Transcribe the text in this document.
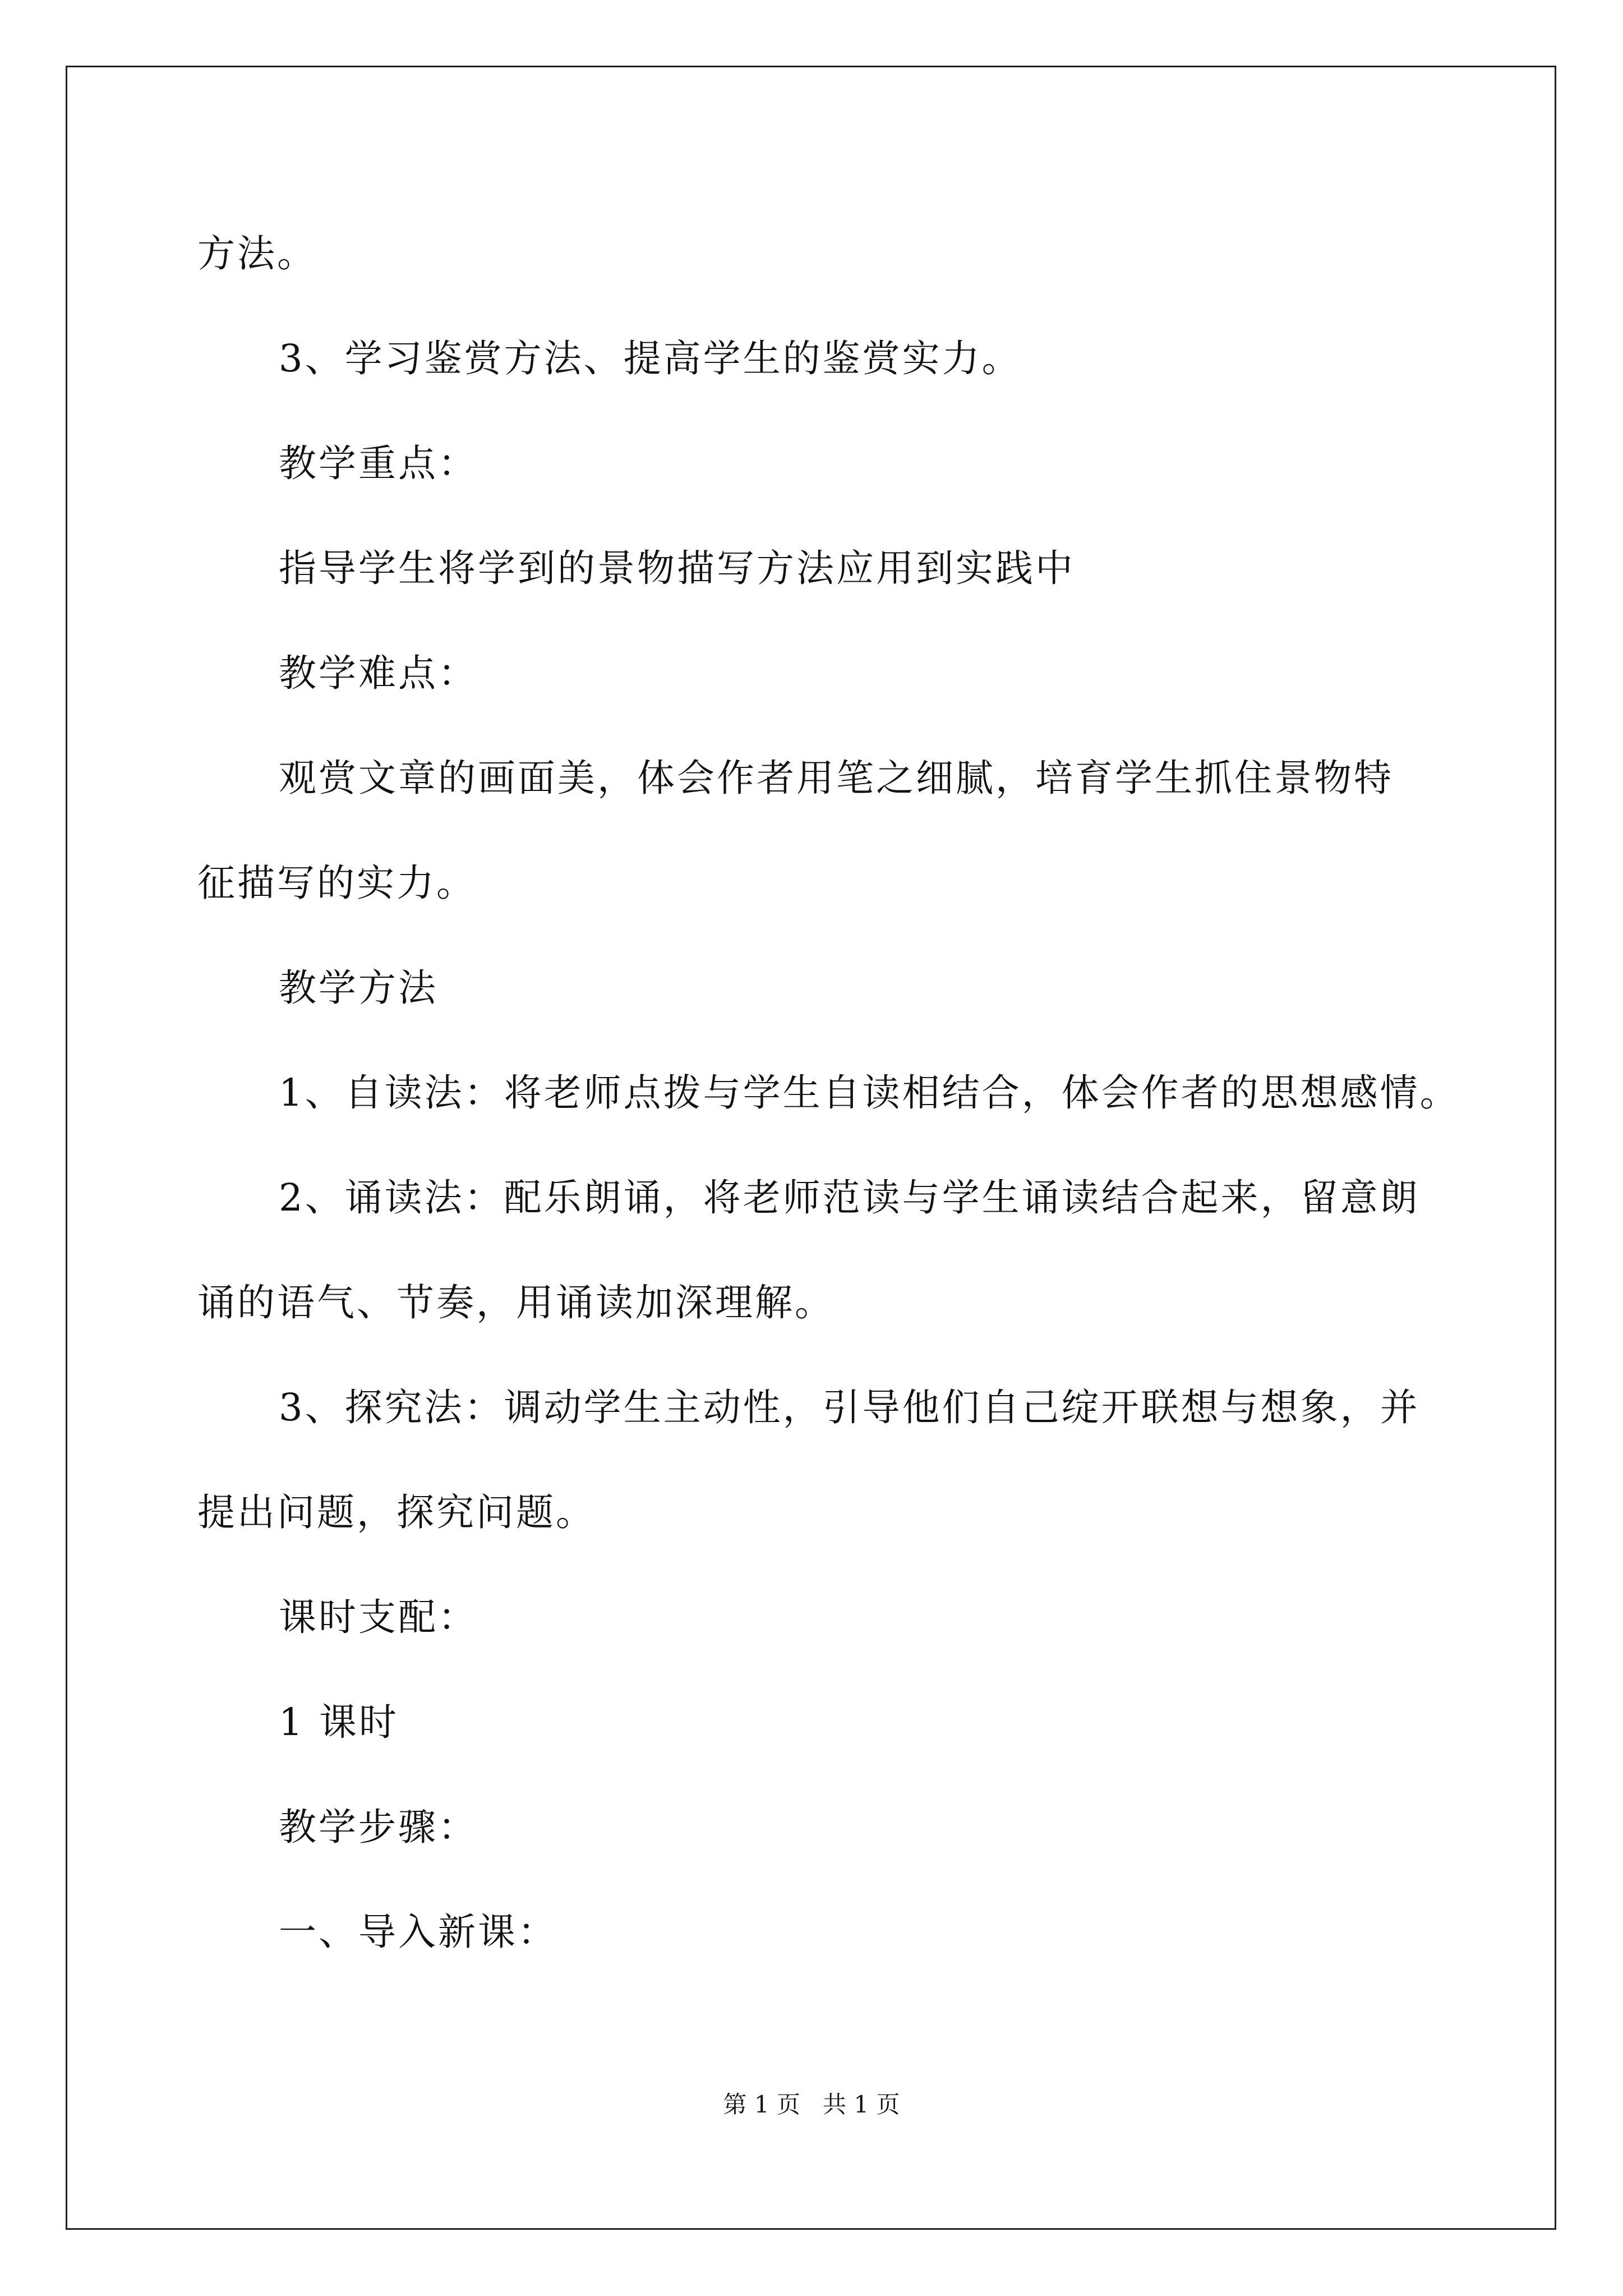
方法。
3、学习鉴赏方法、提高学生的鉴赏实力。
教学重点：
指导学生将学到的景物描写方法应用到实践中
教学难点：
观赏文章的画面美，体会作者用笔之细腻，培育学生抓住景物特
征描写的实力。
教学方法
1、自读法：将老师点拨与学生自读相结合，体会作者的思想感情。
2、诵读法：配乐朗诵，将老师范读与学生诵读结合起来，留意朗
诵的语气、节奏，用诵读加深理解。
3、探究法：调动学生主动性，引导他们自己绽开联想与想象，并
提出问题，探究问题。
课时支配：
1 课时
教学步骤：
一、导入新课：
第 1 页   共 1 页
